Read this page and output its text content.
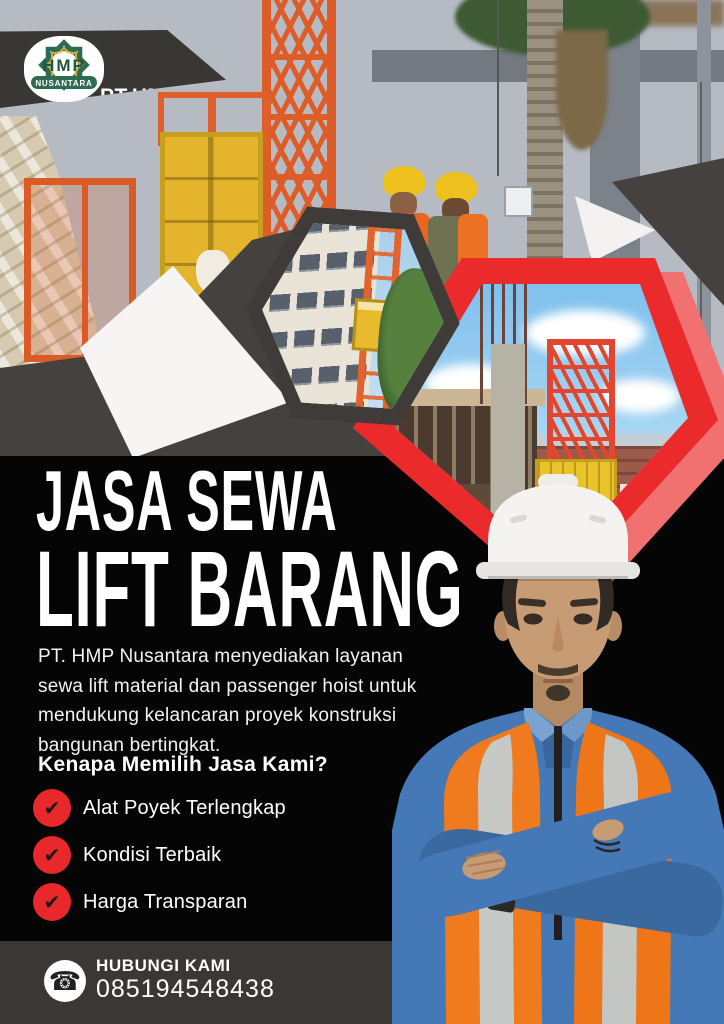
JASA SEWA
LIFT BARANG
PT. HMP Nusantara menyediakan layanan sewa lift material dan passenger hoist untuk mendukung kelancaran proyek konstruksi bangunan bertingkat.
Kenapa Memilih Jasa Kami?
✔	Alat Poyek Terlengkap
✔	Kondisi Terbaik
✔	Harga Transparan
☎ HUBUNGI KAMI
085194548438
HMP
NUSANTARA
